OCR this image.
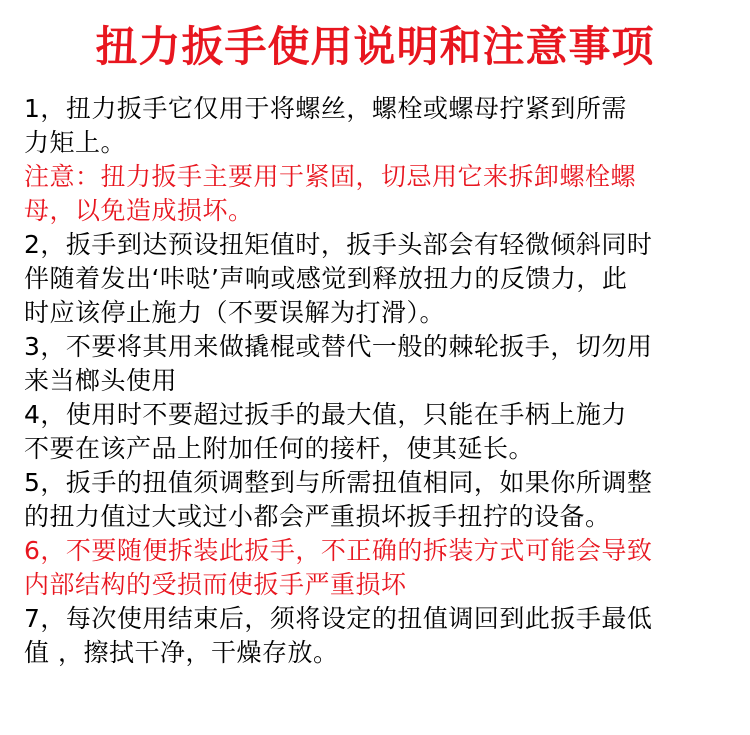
扭力扳手使用说明和注意事项
1，扭力扳手它仅用于将螺丝，螺栓或螺母拧紧到所需
力矩上。
注意：扭力扳手主要用于紧固，切忌用它来拆卸螺栓螺
母，以免造成损坏。
2，扳手到达预设扭矩值时，扳手头部会有轻微倾斜同时
伴随着发出‘咔哒’声响或感觉到释放扭力的反馈力，此
时应该停止施力（不要误解为打滑）。
3，不要将其用来做撬棍或替代一般的棘轮扳手，切勿用
来当榔头使用
4，使用时不要超过扳手的最大值，只能在手柄上施力
不要在该产品上附加任何的接杆，使其延长。
5，扳手的扭值须调整到与所需扭值相同，如果你所调整
的扭力值过大或过小都会严重损坏扳手扭拧的设备。
6，不要随便拆装此扳手，不正确的拆装方式可能会导致
内部结构的受损而使扳手严重损坏
7，每次使用结束后，须将设定的扭值调回到此扳手最低
值 ，擦拭干净，干燥存放。
